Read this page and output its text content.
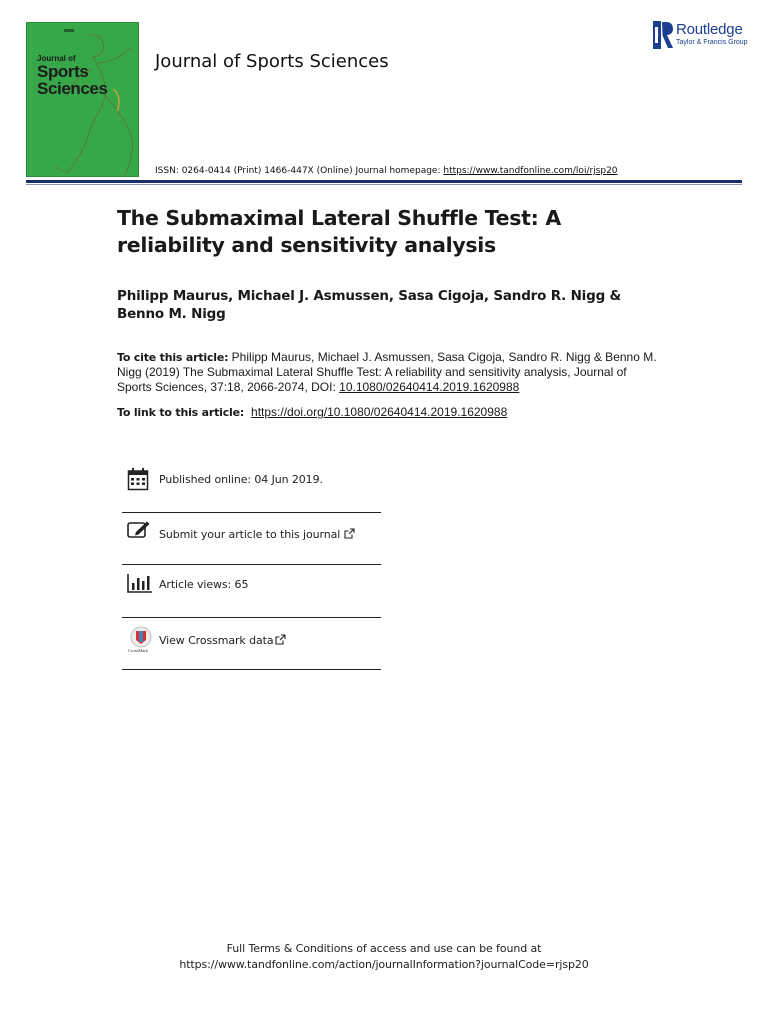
Journal of
Sports
Sciences
Journal of Sports Sciences
Routledge
Taylor & Francis Group
ISSN: 0264-0414 (Print) 1466-447X (Online) Journal homepage: https://www.tandfonline.com/loi/rjsp20
The Submaximal Lateral Shuffle Test: A reliability and sensitivity analysis
Philipp Maurus, Michael J. Asmussen, Sasa Cigoja, Sandro R. Nigg & Benno M. Nigg
To cite this article: Philipp Maurus, Michael J. Asmussen, Sasa Cigoja, Sandro R. Nigg & Benno M. Nigg (2019) The Submaximal Lateral Shuffle Test: A reliability and sensitivity analysis, Journal of Sports Sciences, 37:18, 2066-2074, DOI: 10.1080/02640414.2019.1620988
To link to this article:  https://doi.org/10.1080/02640414.2019.1620988
Published online: 04 Jun 2019.
Submit your article to this journal
Article views: 65
CrossMark
View Crossmark data
Full Terms & Conditions of access and use can be found at
https://www.tandfonline.com/action/journalInformation?journalCode=rjsp20
